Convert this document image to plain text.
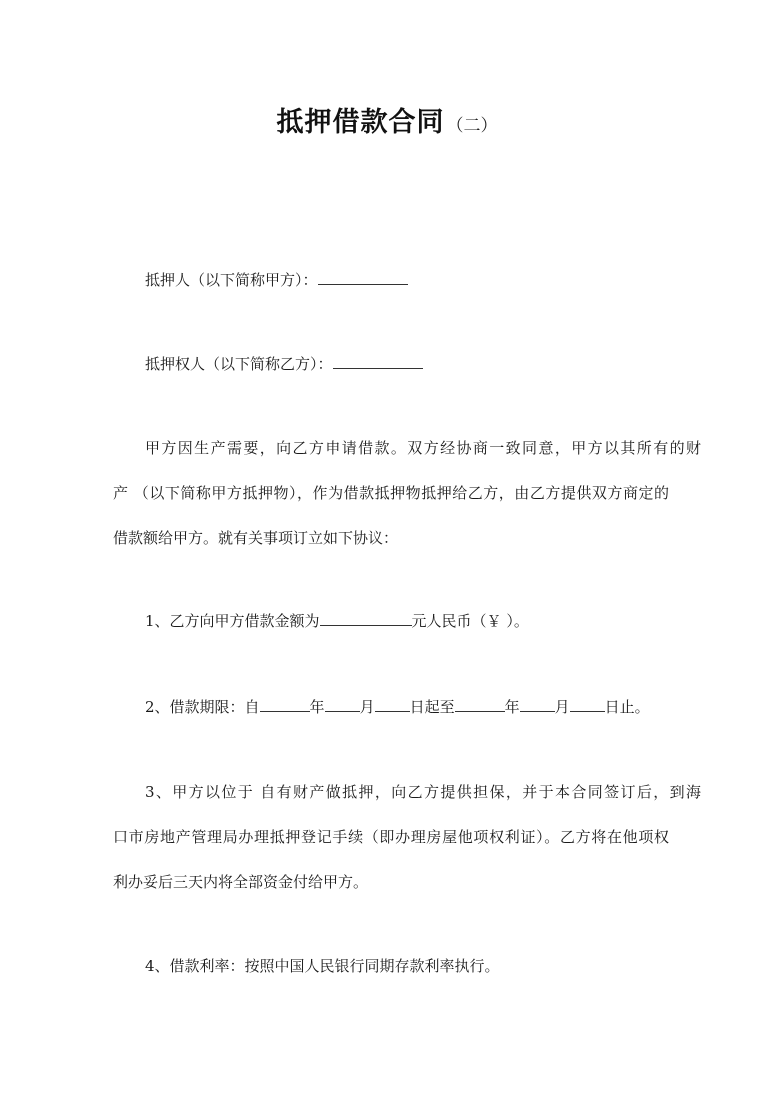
抵押借款合同 （二）
抵押人（以下简称甲方）：
抵押权人（以下简称乙方）：
甲方因生产需要，向乙方申请借款。双方经协商一致同意，甲方以其所有的财
产 （以下简称甲方抵押物），作为借款抵押物抵押给乙方，由乙方提供双方商定的
借款额给甲方。就有关事项订立如下协议：
1、乙方向甲方借款金额为	元人民币（￥ ）。
2、借款期限：自	年 月 日起至	年 月 日止。
3、甲方以位于 自有财产做抵押，向乙方提供担保，并于本合同签订后，到海
口市房地产管理局办理抵押登记手续（即办理房屋他项权利证）。乙方将在他项权
利办妥后三天内将全部资金付给甲方。
4、借款利率：按照中国人民银行同期存款利率执行。
